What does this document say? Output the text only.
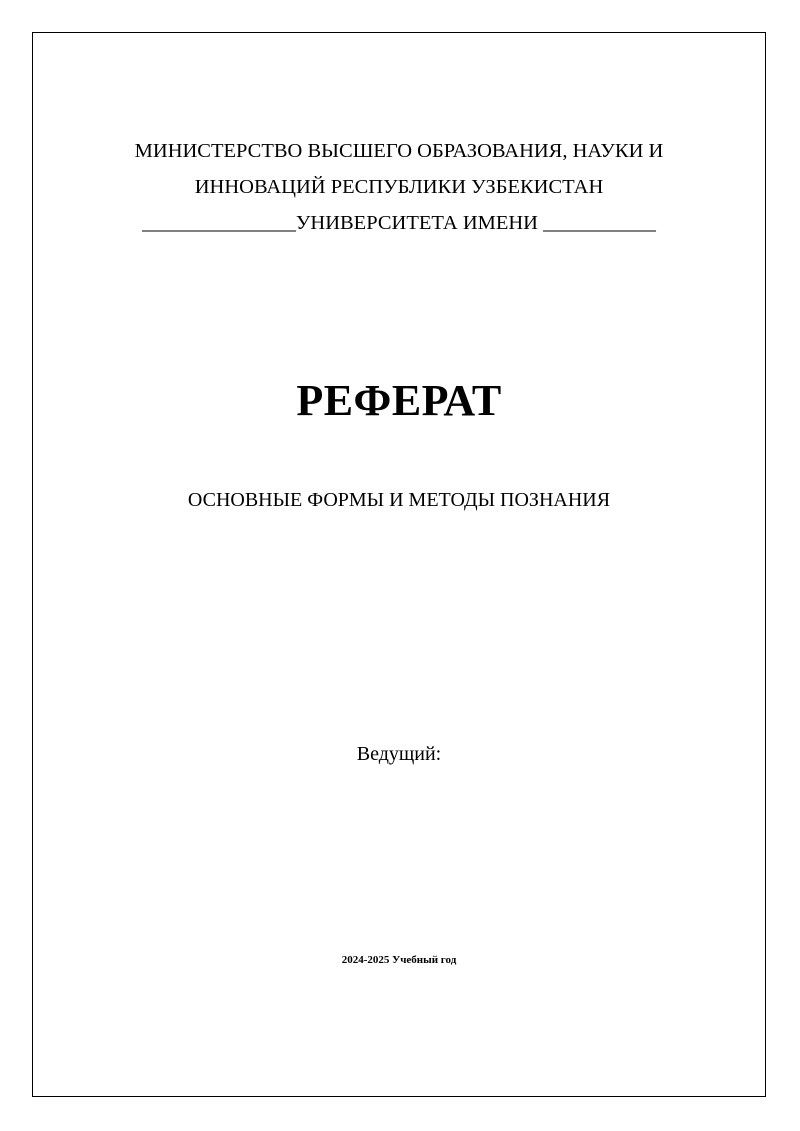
МИНИСТЕРСТВО ВЫСШЕГО ОБРАЗОВАНИЯ, НАУКИ И
ИННОВАЦИЙ РЕСПУБЛИКИ УЗБЕКИСТАН
_______________УНИВЕРСИТЕТА ИМЕНИ ___________
РЕФЕРАТ
ОСНОВНЫЕ ФОРМЫ И МЕТОДЫ ПОЗНАНИЯ
Ведущий:
2024-2025 Учебный год
